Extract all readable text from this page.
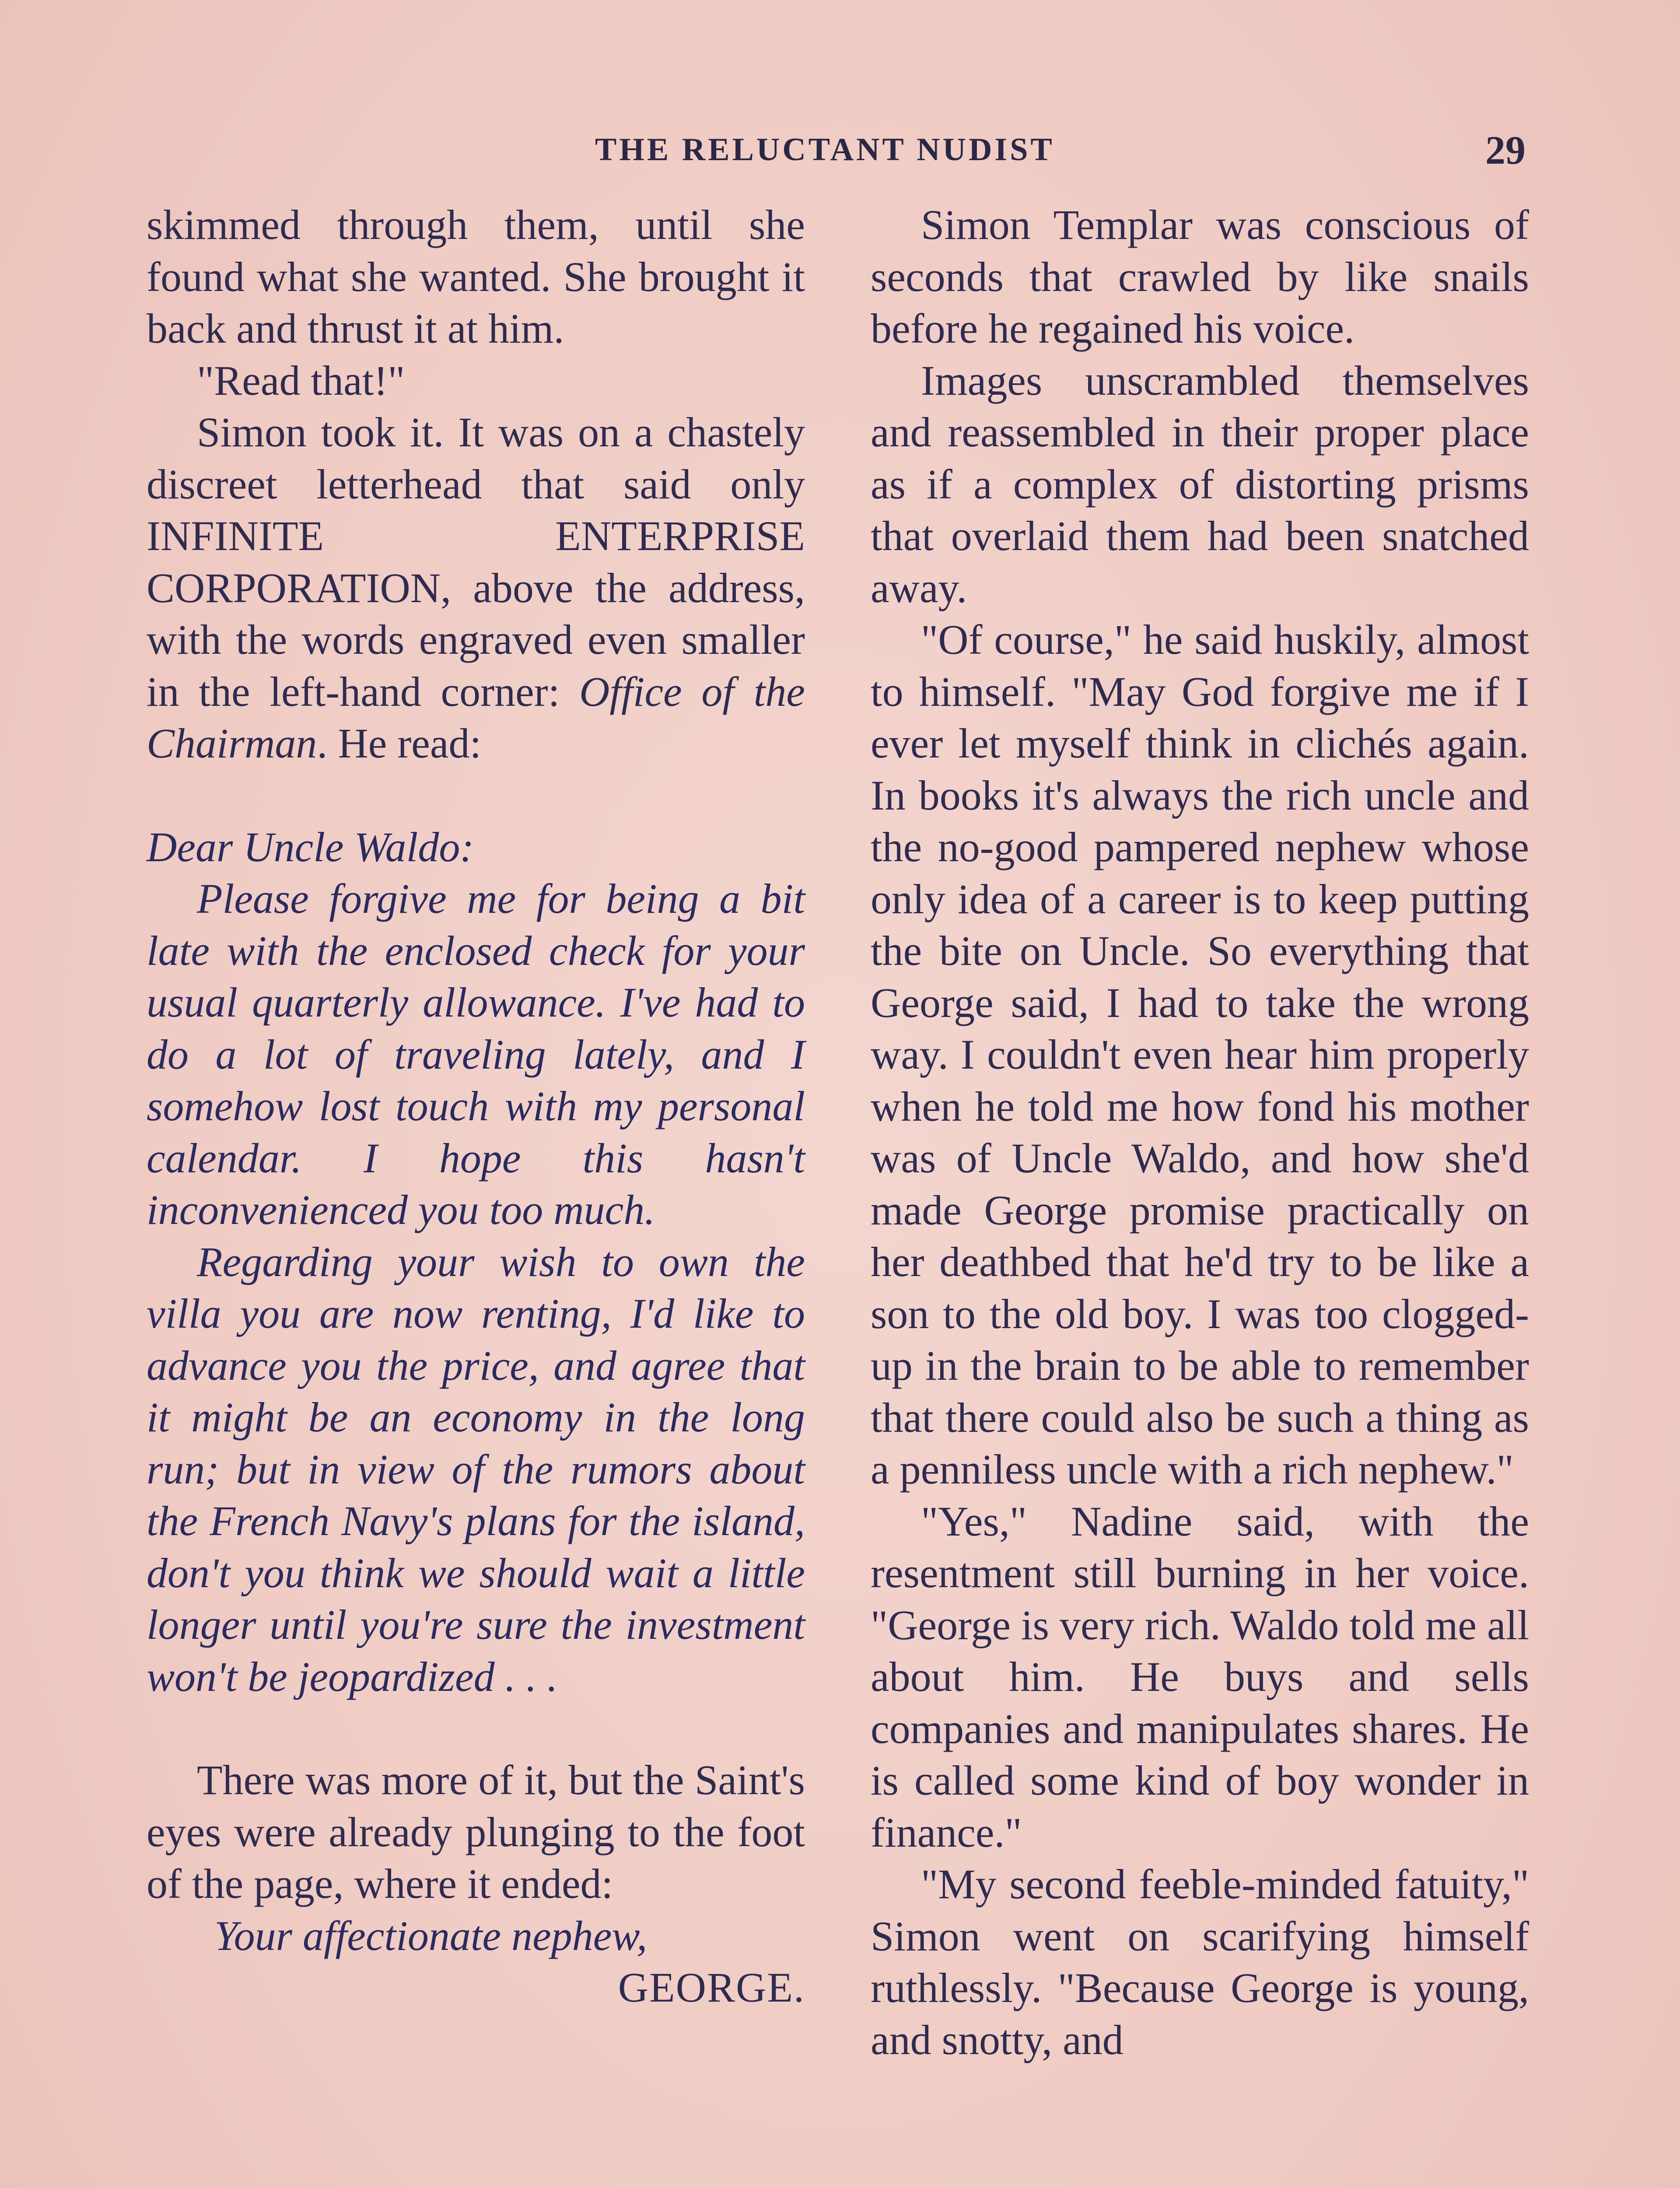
THE RELUCTANT NUDIST	29

skimmed through them, until she found what she wanted. She brought it back and thrust it at him.

"Read that!"

Simon took it. It was on a chastely discreet letterhead that said only INFINITE ENTERPRISE CORPORATION, above the address, with the words engraved even smaller in the left-hand corner: Office of the Chairman. He read:

Dear Uncle Waldo:

Please forgive me for being a bit late with the enclosed check for your usual quarterly allowance. I've had to do a lot of traveling lately, and I somehow lost touch with my personal calendar. I hope this hasn't inconvenienced you too much.

Regarding your wish to own the villa you are now renting, I'd like to advance you the price, and agree that it might be an economy in the long run; but in view of the rumors about the French Navy's plans for the island, don't you think we should wait a little longer until you're sure the investment won't be jeopardized . . .

There was more of it, but the Saint's eyes were already plunging to the foot of the page, where it ended:

Your affectionate nephew,

GEORGE.

Simon Templar was conscious of seconds that crawled by like snails before he regained his voice.

Images unscrambled themselves and reassembled in their proper place as if a complex of distorting prisms that overlaid them had been snatched away.

"Of course," he said huskily, almost to himself. "May God forgive me if I ever let myself think in clichés again. In books it's always the rich uncle and the no-good pampered nephew whose only idea of a career is to keep putting the bite on Uncle. So everything that George said, I had to take the wrong way. I couldn't even hear him properly when he told me how fond his mother was of Uncle Waldo, and how she'd made George promise practically on her deathbed that he'd try to be like a son to the old boy. I was too clogged-up in the brain to be able to remember that there could also be such a thing as a penniless uncle with a rich nephew."

"Yes," Nadine said, with the resentment still burning in her voice. "George is very rich. Waldo told me all about him. He buys and sells companies and manipulates shares. He is called some kind of boy wonder in finance."

"My second feeble-minded fatuity," Simon went on scarifying himself ruthlessly. "Because George is young, and snotty, and
